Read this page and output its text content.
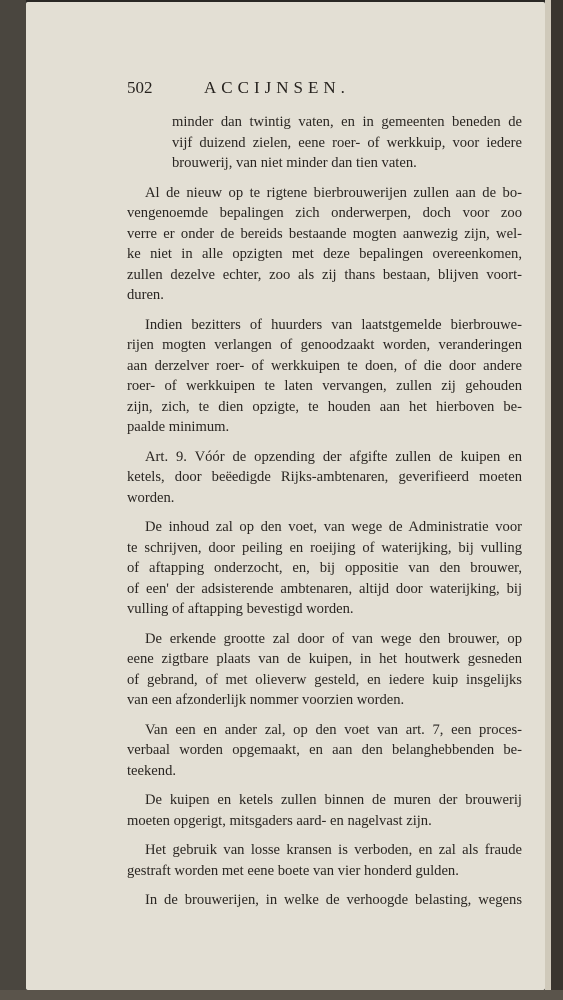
502	ACCIJNSEN.
minder dan twintig vaten, en in gemeenten beneden de
vijf duizend zielen, eene roer- of werkkuip, voor iedere
brouwerij, van niet minder dan tien vaten.
Al de nieuw op te rigtene bierbrouwerijen zullen aan de bo-
vengenoemde bepalingen zich onderwerpen, doch voor zoo
verre er onder de bereids bestaande mogten aanwezig zijn, wel-
ke niet in alle opzigten met deze bepalingen overeenkomen,
zullen dezelve echter, zoo als zij thans bestaan, blijven voort-
duren.
Indien bezitters of huurders van laatstgemelde bierbrouwe-
rijen mogten verlangen of genoodzaakt worden, veranderingen
aan derzelver roer- of werkkuipen te doen, of die door andere
roer- of werkkuipen te laten vervangen, zullen zij gehouden
zijn, zich, te dien opzigte, te houden aan het hierboven be-
paalde minimum.
Art. 9. Vóór de opzending der afgifte zullen de kuipen en
ketels, door beëedigde Rijks-ambtenaren, geverifieerd moeten
worden.
De inhoud zal op den voet, van wege de Administratie voor
te schrijven, door peiling en roeijing of waterijking, bij vulling
of aftapping onderzocht, en, bij oppositie van den brouwer,
of een' der adsisterende ambtenaren, altijd door waterijking, bij
vulling of aftapping bevestigd worden.
De erkende grootte zal door of van wege den brouwer, op
eene zigtbare plaats van de kuipen, in het houtwerk gesneden
of gebrand, of met olieverw gesteld, en iedere kuip insgelijks
van een afzonderlijk nommer voorzien worden.
Van een en ander zal, op den voet van art. 7, een proces-
verbaal worden opgemaakt, en aan den belanghebbenden be-
teekend.
De kuipen en ketels zullen binnen de muren der brouwerij
moeten opgerigt, mitsgaders aard- en nagelvast zijn.
Het gebruik van losse kransen is verboden, en zal als fraude
gestraft worden met eene boete van vier honderd gulden.
In de brouwerijen, in welke de verhoogde belasting, wegens
